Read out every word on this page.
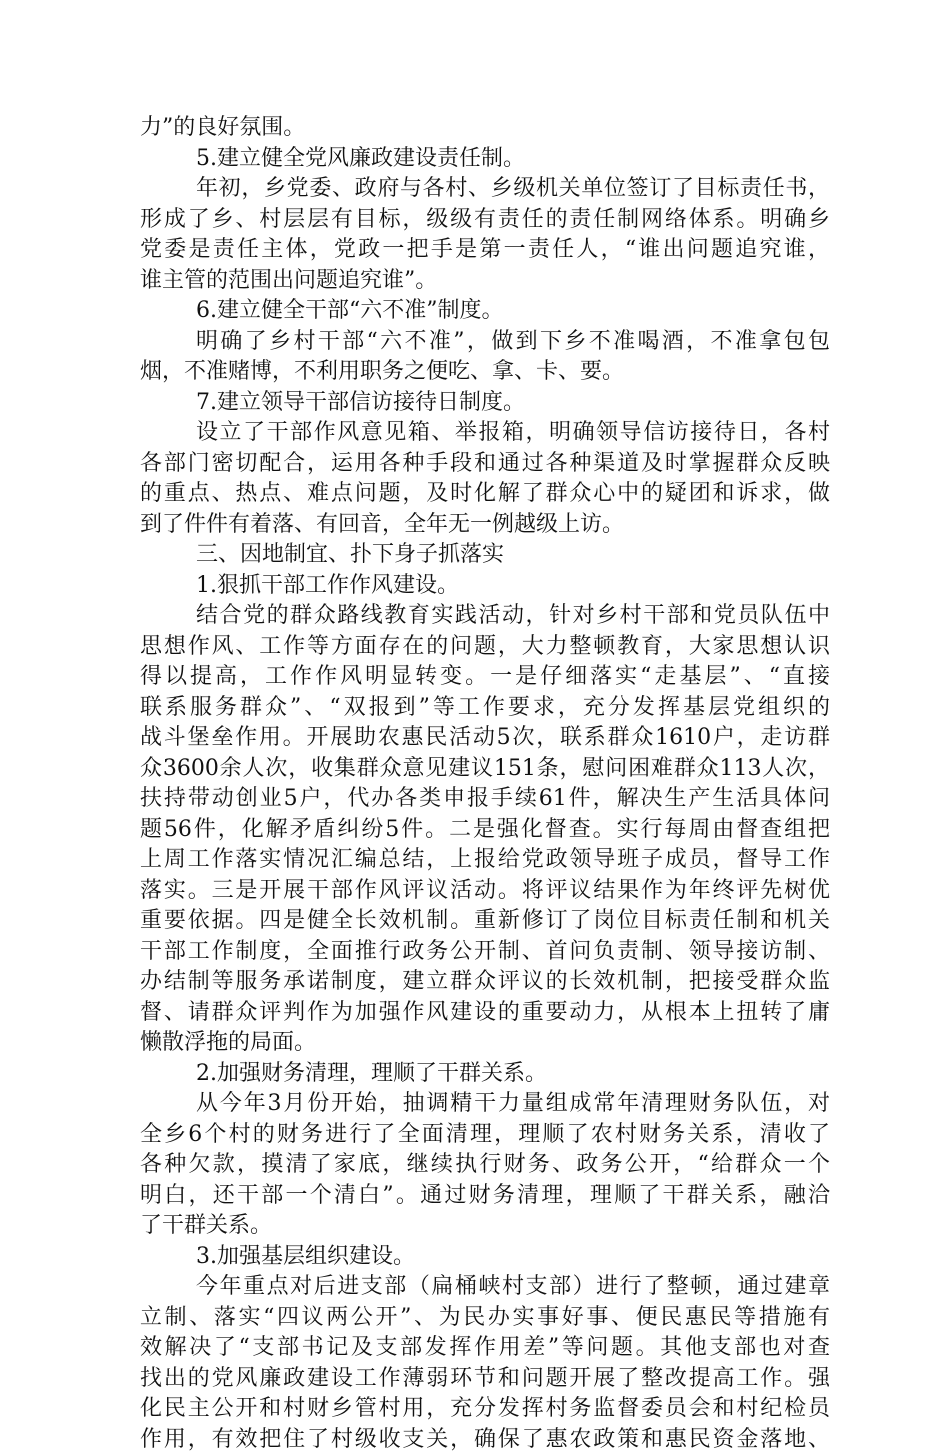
力”的良好氛围。
5.建立健全党风廉政建设责任制。
年初，乡党委、政府与各村、乡级机关单位签订了目标责任书，
形成了乡、村层层有目标，级级有责任的责任制网络体系。明确乡
党委是责任主体，党政一把手是第一责任人，“谁出问题追究谁，
谁主管的范围出问题追究谁”。
6.建立健全干部“六不准”制度。
明确了乡村干部“六不准”，做到下乡不准喝酒，不准拿包包
烟，不准赌博，不利用职务之便吃、拿、卡、要。
7.建立领导干部信访接待日制度。
设立了干部作风意见箱、举报箱，明确领导信访接待日，各村
各部门密切配合，运用各种手段和通过各种渠道及时掌握群众反映
的重点、热点、难点问题，及时化解了群众心中的疑团和诉求，做
到了件件有着落、有回音，全年无一例越级上访。
三、因地制宜、扑下身子抓落实
1.狠抓干部工作作风建设。
结合党的群众路线教育实践活动，针对乡村干部和党员队伍中
思想作风、工作等方面存在的问题，大力整顿教育，大家思想认识
得以提高，工作作风明显转变。一是仔细落实“走基层”、“直接
联系服务群众”、“双报到”等工作要求，充分发挥基层党组织的
战斗堡垒作用。开展助农惠民活动5次，联系群众1610户，走访群
众3600余人次，收集群众意见建议151条，慰问困难群众113人次，
扶持带动创业5户，代办各类申报手续61件，解决生产生活具体问
题56件，化解矛盾纠纷5件。二是强化督查。实行每周由督查组把
上周工作落实情况汇编总结，上报给党政领导班子成员，督导工作
落实。三是开展干部作风评议活动。将评议结果作为年终评先树优
重要依据。四是健全长效机制。重新修订了岗位目标责任制和机关
干部工作制度，全面推行政务公开制、首问负责制、领导接访制、
办结制等服务承诺制度，建立群众评议的长效机制，把接受群众监
督、请群众评判作为加强作风建设的重要动力，从根本上扭转了庸
懒散浮拖的局面。
2.加强财务清理，理顺了干群关系。
从今年3月份开始，抽调精干力量组成常年清理财务队伍，对
全乡6个村的财务进行了全面清理，理顺了农村财务关系，清收了
各种欠款，摸清了家底，继续执行财务、政务公开，“给群众一个
明白，还干部一个清白”。通过财务清理，理顺了干群关系，融洽
了干群关系。
3.加强基层组织建设。
今年重点对后进支部（扁桶峡村支部）进行了整顿，通过建章
立制、落实“四议两公开”、为民办实事好事、便民惠民等措施有
效解决了“支部书记及支部发挥作用差”等问题。其他支部也对查
找出的党风廉政建设工作薄弱环节和问题开展了整改提高工作。强
化民主公开和村财乡管村用，充分发挥村务监督委员会和村纪检员
作用，有效把住了村级收支关，确保了惠农政策和惠民资金落地、
